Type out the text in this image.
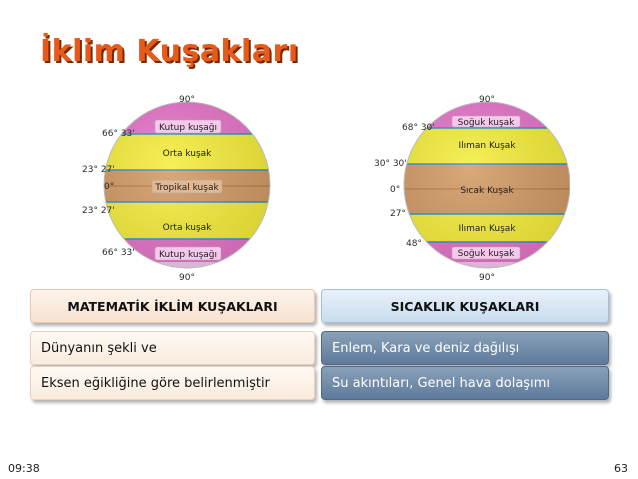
İklim Kuşakları
Kutup kuşağı
Orta kuşak
Tropikal kuşak
Orta kuşak
Kutup kuşağı
90°
90°
66° 33'
23° 27'
0°
23° 27'
66° 33'
Soğuk kuşak
Ilıman Kuşak
Sıcak Kuşak
Ilıman Kuşak
Soğuk kuşak
90°
90°
68° 30'
30° 30'
0°
27°
48°
MATEMATİK İKLİM KUŞAKLARI	SICAKLIK KUŞAKLARI
Dünyanın şekli ve
Eksen eğikliğine göre belirlenmiştir
Enlem, Kara ve deniz dağılışı
Su akıntıları, Genel hava dolaşımı
09:38	63
